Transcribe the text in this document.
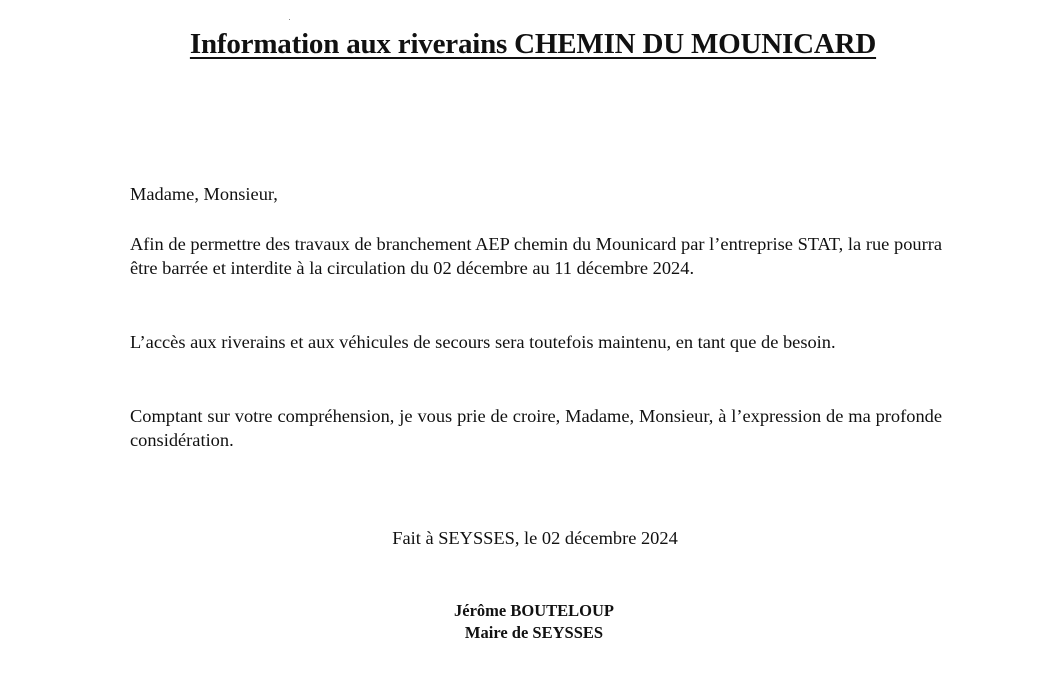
Information aux riverains CHEMIN DU MOUNICARD

Madame, Monsieur,

Afin de permettre des travaux de branchement AEP chemin du Mounicard par l’entreprise STAT, la rue pourra être barrée et interdite à la circulation du 02 décembre au 11 décembre 2024.

L’accès aux riverains et aux véhicules de secours sera toutefois maintenu, en tant que de besoin.

Comptant sur votre compréhension, je vous prie de croire, Madame, Monsieur, à l’expression de ma profonde considération.

Fait à SEYSSES, le 02 décembre 2024
Jérôme BOUTELOUP
Maire de SEYSSES
